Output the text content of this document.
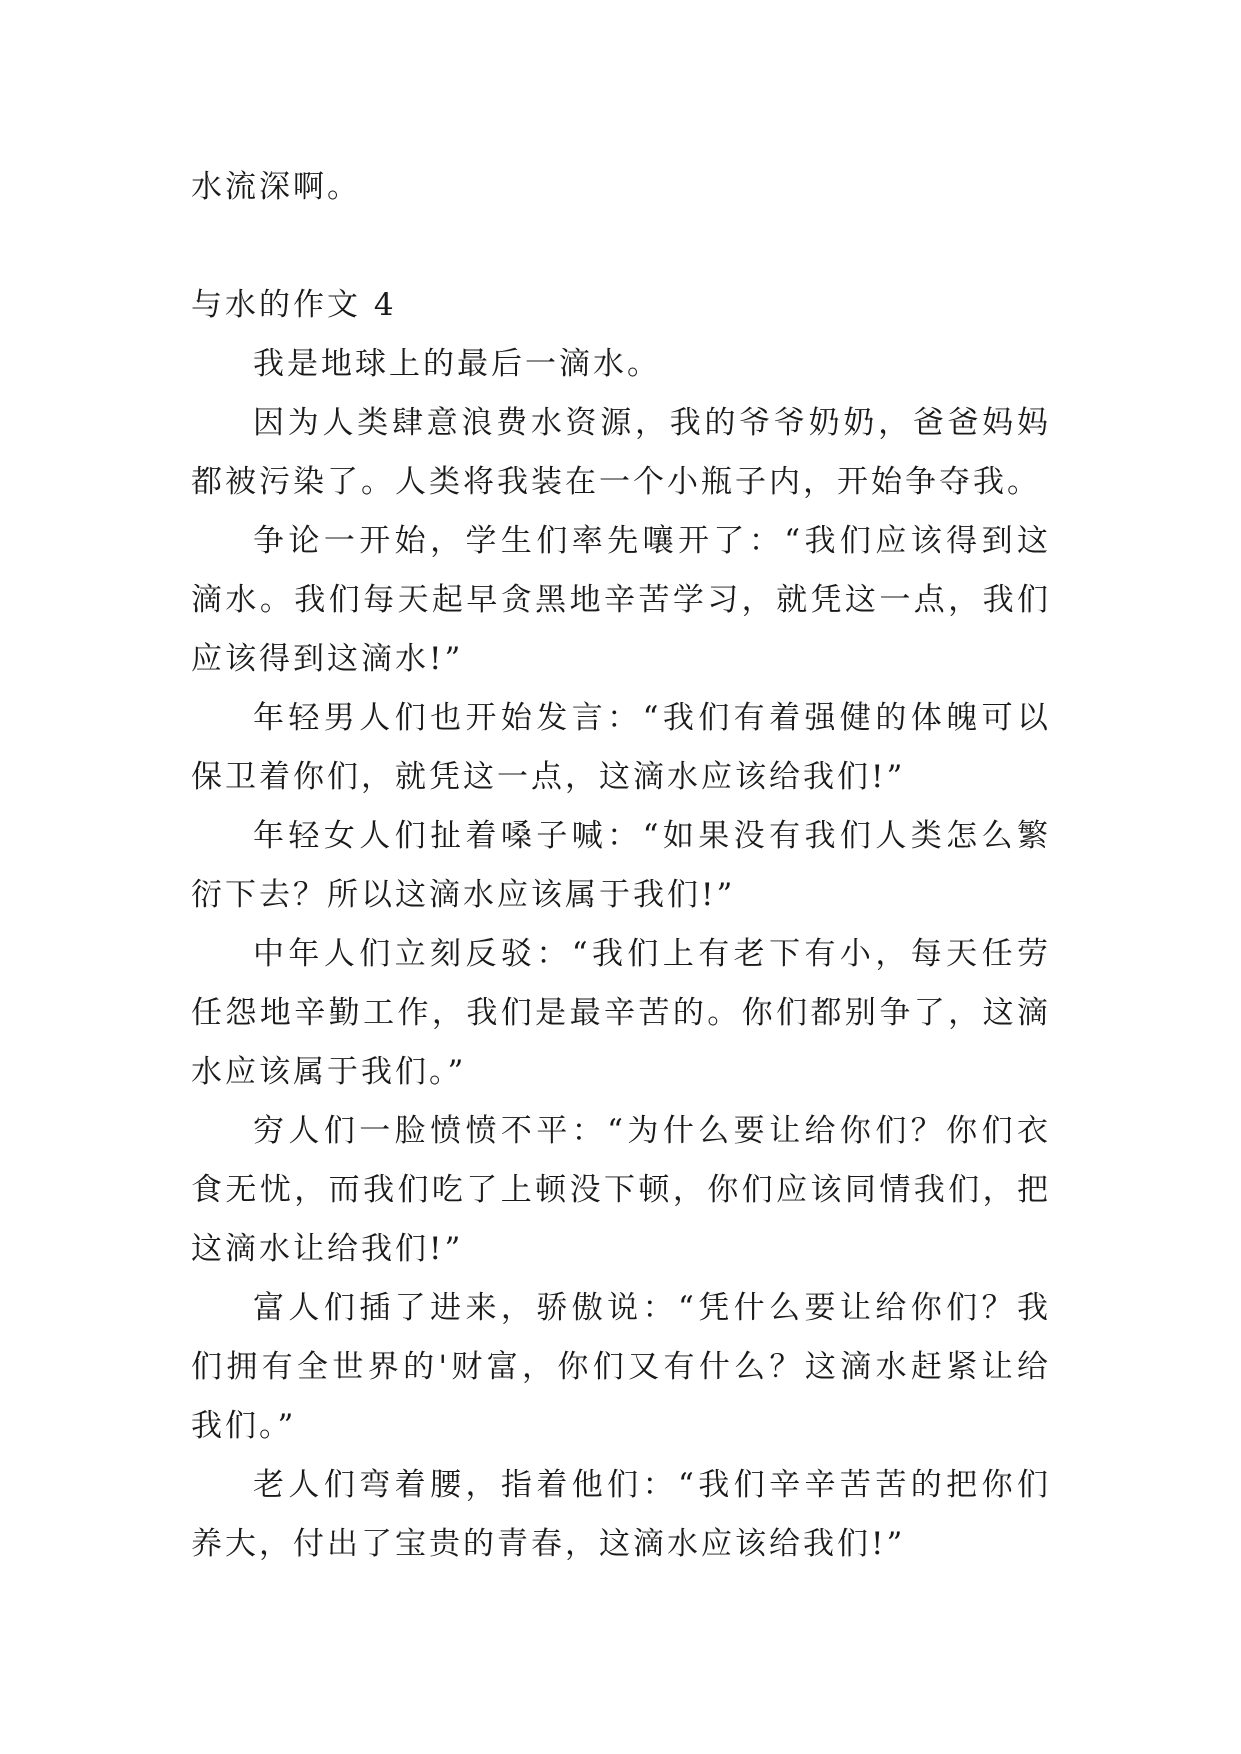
水流深啊。

与水的作文 4

我是地球上的最后一滴水。

因为人类肆意浪费水资源，我的爷爷奶奶，爸爸妈妈都被污染了。人类将我装在一个小瓶子内，开始争夺我。

争论一开始，学生们率先嚷开了：“我们应该得到这滴水。我们每天起早贪黑地辛苦学习，就凭这一点，我们应该得到这滴水!”

年轻男人们也开始发言：“我们有着强健的体魄可以保卫着你们，就凭这一点，这滴水应该给我们!”

年轻女人们扯着嗓子喊：“如果没有我们人类怎么繁衍下去？所以这滴水应该属于我们!”

中年人们立刻反驳：“我们上有老下有小，每天任劳任怨地辛勤工作，我们是最辛苦的。你们都别争了，这滴水应该属于我们。”

穷人们一脸愤愤不平：“为什么要让给你们？你们衣食无忧，而我们吃了上顿没下顿，你们应该同情我们，把这滴水让给我们!”

富人们插了进来，骄傲说：“凭什么要让给你们？我们拥有全世界的'财富，你们又有什么？这滴水赶紧让给我们。”

老人们弯着腰，指着他们：“我们辛辛苦苦的把你们养大，付出了宝贵的青春，这滴水应该给我们!”
